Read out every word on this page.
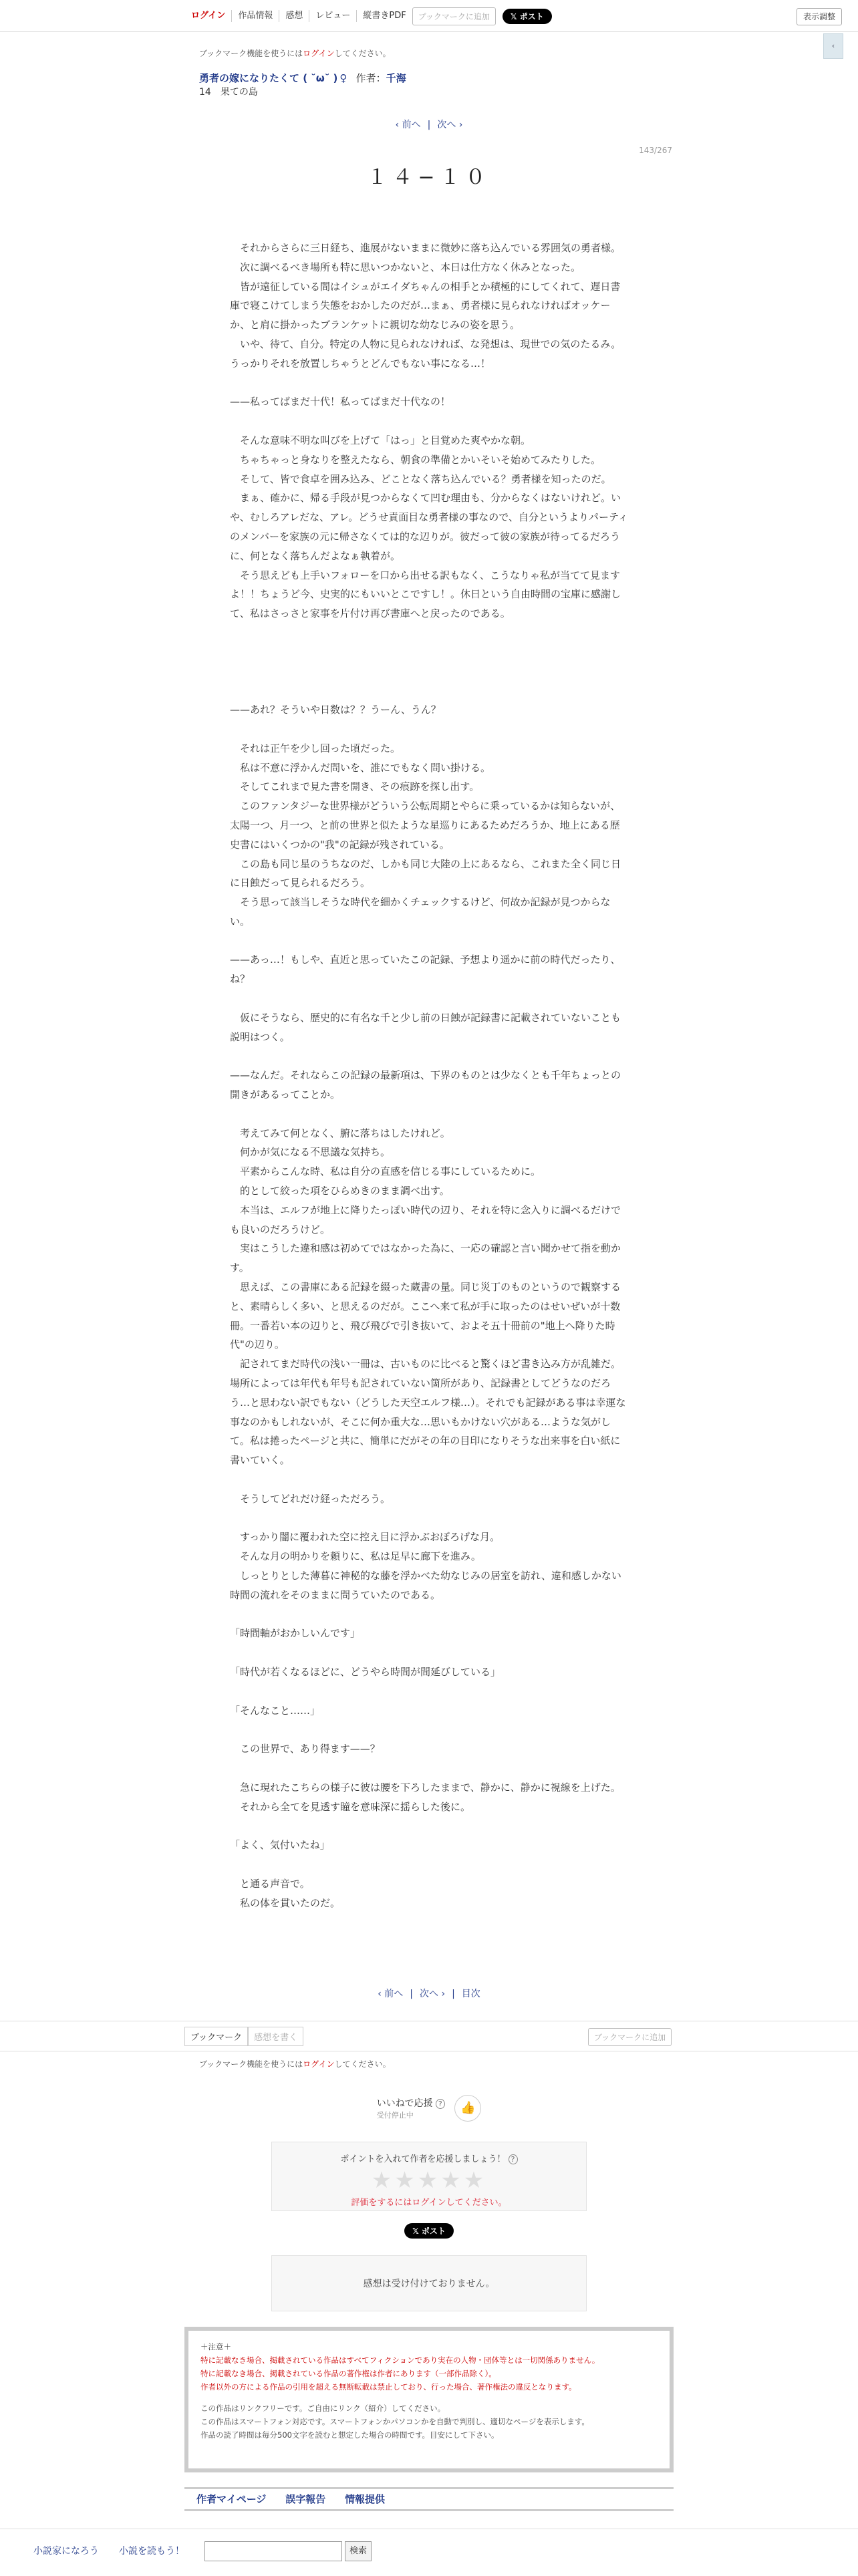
ログイン	作品情報	感想	レビュー	縦書きPDF	ブックマークに追加	𝕏 ポスト	表示調整
‹
ブックマーク機能を使うにはログインしてください。
勇者の嫁になりたくて ( ˘ω˘ ) ♀ 作者：千海
14　果ての島
‹ 前へ | 次へ ›
143/267
１４−１０

　それからさらに三日経ち、進展がないままに微妙に落ち込んでいる雰囲気の勇者様。

　次に調べるべき場所も特に思いつかないと、本日は仕方なく休みとなった。

　皆が遠征している間はイシュがエイダちゃんの相手とか積極的にしてくれて、遅日書庫で寝こけてしまう失態をおかしたのだが…まぁ、勇者様に見られなければオッケーか、と肩に掛かったブランケットに親切な幼なじみの姿を思う。

　いや、待て、自分。特定の人物に見られなければ、な発想は、現世での気のたるみ。うっかりそれを放置しちゃうとどんでもない事になる…！

——私ってばまだ十代！私ってばまだ十代なの！

　そんな意味不明な叫びを上げて「はっ」と目覚めた爽やかな朝。

　ちゃちゃっと身なりを整えたなら、朝食の準備とかいそいそ始めてみたりした。

　そして、皆で食卓を囲み込み、どことなく落ち込んでいる？勇者様を知ったのだ。

　まぁ、確かに、帰る手段が見つからなくて凹む理由も、分からなくはないけれど。いや、むしろアレだな、アレ。どうせ責面目な勇者様の事なので、自分というよりパーティのメンバーを家族の元に帰さなくては的な辺りが。彼だって彼の家族が待ってるだろうに、何となく落ちんだよなぁ執着が。

　そう思えども上手いフォローを口から出せる訳もなく、こうなりゃ私が当てて見ますよ！！ちょうど今、史実的にもいいとこですし！。休日という自由時間の宝庫に感謝して、私はさっさと家事を片付け再び書庫へと戻ったのである。

——あれ？そういや日数は？？うーん、うん？

　それは正午を少し回った頃だった。

　私は不意に浮かんだ問いを、誰にでもなく問い掛ける。

　そしてこれまで見た書を開き、その痕跡を探し出す。

　このファンタジーな世界様がどういう公転周期とやらに乗っているかは知らないが、太陽一つ、月一つ、と前の世界と似たような星巡りにあるためだろうか、地上にある歴史書にはいくつかの"我"の記録が残されている。

　この島も同じ星のうちなのだ、しかも同じ大陸の上にあるなら、これまた全く同じ日に日蝕だって見られるだろう。

　そう思って該当しそうな時代を細かくチェックするけど、何故か記録が見つからない。

——あっ…！もしや、直近と思っていたこの記録、予想より遥かに前の時代だったり、ね？

　仮にそうなら、歴史的に有名な千と少し前の日蝕が記録書に記載されていないことも説明はつく。

——なんだ。それならこの記録の最新項は、下界のものとは少なくとも千年ちょっとの開きがあるってことか。

　考えてみて何となく、腑に落ちはしたけれど。

　何かが気になる不思議な気持ち。

　平素からこんな時、私は自分の直感を信じる事にしているために。

　的として絞った項をひらめきのまま調べ出す。

　本当は、エルフが地上に降りたっぽい時代の辺り、それを特に念入りに調べるだけでも良いのだろうけど。

　実はこうした違和感は初めてではなかった為に、一応の確認と言い聞かせて指を動かす。

　思えば、この書庫にある記録を綴った蔵書の量。同じ災丁のものというので観察すると、素晴らしく多い、と思えるのだが。ここへ来て私が手に取ったのはせいぜいが十数冊。一番若い本の辺りと、飛び飛びで引き抜いて、およそ五十冊前の"地上へ降りた時代"の辺り。

　記されてまだ時代の浅い一冊は、古いものに比べると驚くほど書き込み方が乱雑だ。場所によっては年代も年号も記されていない箇所があり、記録書としてどうなのだろう…と思わない訳でもない（どうした天空エルフ様…）。それでも記録がある事は幸運な事なのかもしれないが、そこに何か重大な…思いもかけない穴がある…ような気がして。私は捲ったページと共に、簡単にだがその年の目印になりそうな出来事を白い紙に書いていく。

　そうしてどれだけ経っただろう。

　すっかり闇に覆われた空に控え目に浮かぶおぼろげな月。

　そんな月の明かりを頼りに、私は足早に廊下を進み。

　しっとりとした薄暮に神秘的な藤を浮かべた幼なじみの居室を訪れ、違和感しかない時間の流れをそのままに問うていたのである。

「時間軸がおかしいんです」

「時代が若くなるほどに、どうやら時間が間延びしている」

「そんなこと……」

　この世界で、あり得ます——？

　急に現れたこちらの様子に彼は腰を下ろしたままで、静かに、静かに視線を上げた。

　それから全てを見透す瞳を意味深に揺らした後に。

「よく、気付いたね」

　と通る声音で。

　私の体を貫いたのだ。

‹ 前へ | 次へ › | 目次
ブックマーク	感想を書く	ブックマークに追加
ブックマーク機能を使うにはログインしてください。
いいねで応援 ?
受付停止中 👍
ポイントを入れて作者を応援しましょう！ ?
★★★★★
評価をするにはログインしてください。
𝕏 ポスト
感想は受け付けておりません。
＋注意＋
特に記載なき場合、掲載されている作品はすべてフィクションであり実在の人物・団体等とは一切関係ありません。
特に記載なき場合、掲載されている作品の著作権は作者にあります（一部作品除く）。
作者以外の方による作品の引用を超える無断転載は禁止しており、行った場合、著作権法の違反となります。
この作品はリンクフリーです。ご自由にリンク（紹介）してください。
この作品はスマートフォン対応です。スマートフォンかパソコンかを自動で判別し、適切なページを表示します。
作品の読了時間は毎分500文字を読むと想定した場合の時間です。目安にして下さい。
作者マイページ 誤字報告 情報提供
小説家になろう 小説を読もう！	検索
